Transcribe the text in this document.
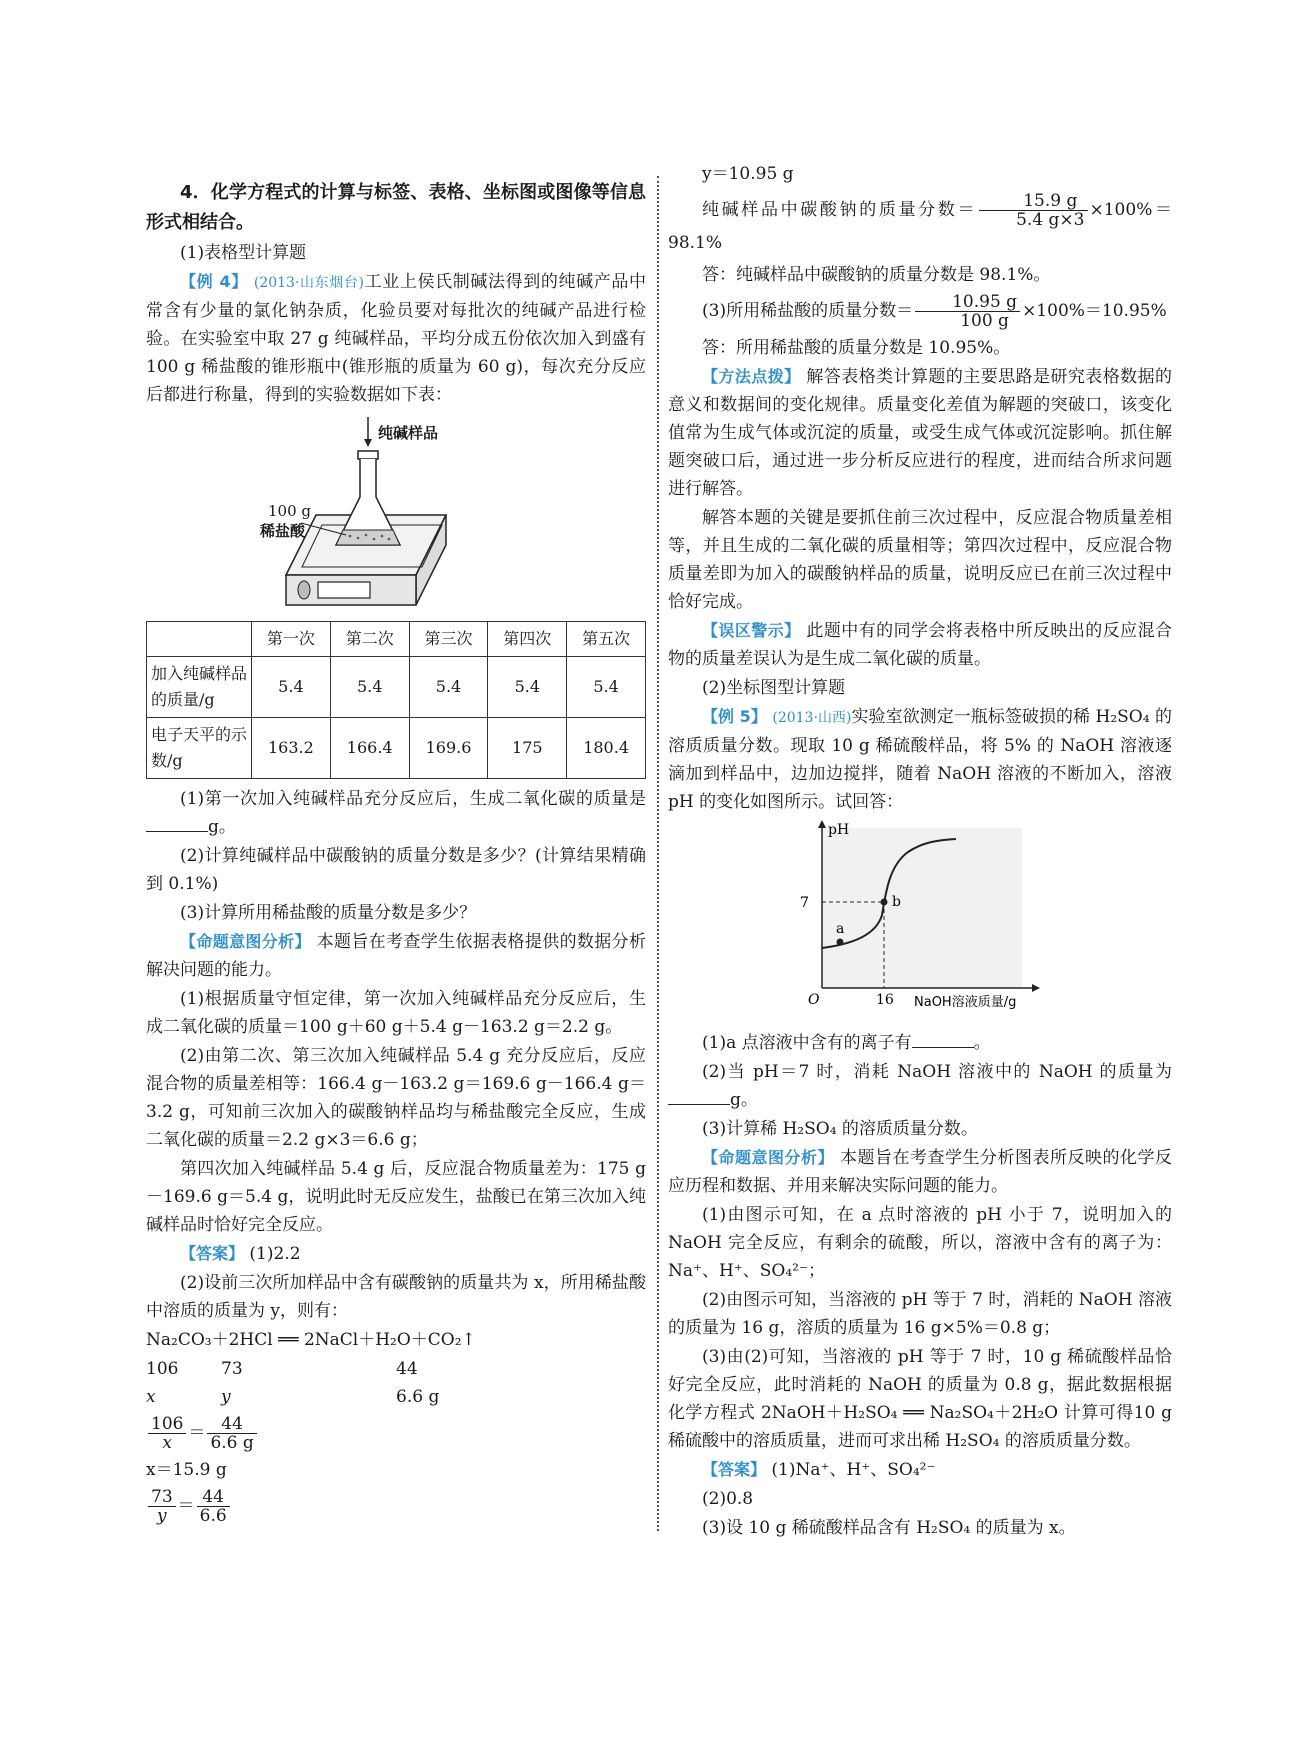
4．化学方程式的计算与标签、表格、坐标图或图像等信息形式相结合。

(1)表格型计算题

【例 4】 (2013·山东烟台)工业上侯氏制碱法得到的纯碱产品中常含有少量的氯化钠杂质，化验员要对每批次的纯碱产品进行检验。在实验室中取 27 g 纯碱样品，平均分成五份依次加入到盛有 100 g 稀盐酸的锥形瓶中(锥形瓶的质量为 60 g)，每次充分反应后都进行称量，得到的实验数据如下表：

纯碱样品
100 g
稀盐酸
	第一次	第二次	第三次	第四次	第五次
加入纯碱样品的质量/g	5.4	5.4	5.4	5.4	5.4
电子天平的示数/g	163.2	166.4	169.6	175	180.4

(1)第一次加入纯碱样品充分反应后，生成二氧化碳的质量是g。

(2)计算纯碱样品中碳酸钠的质量分数是多少？(计算结果精确到 0.1%)

(3)计算所用稀盐酸的质量分数是多少？

【命题意图分析】 本题旨在考查学生依据表格提供的数据分析解决问题的能力。

(1)根据质量守恒定律，第一次加入纯碱样品充分反应后，生成二氧化碳的质量＝100 g＋60 g＋5.4 g－163.2 g＝2.2 g。

(2)由第二次、第三次加入纯碱样品 5.4 g 充分反应后，反应混合物的质量差相等：166.4 g－163.2 g＝169.6 g－166.4 g＝3.2 g，可知前三次加入的碳酸钠样品均与稀盐酸完全反应，生成二氧化碳的质量＝2.2 g×3＝6.6 g；

第四次加入纯碱样品 5.4 g 后，反应混合物质量差为：175 g－169.6 g＝5.4 g，说明此时无反应发生，盐酸已在第三次加入纯碱样品时恰好完全反应。

【答案】 (1)2.2

(2)设前三次所加样品中含有碳酸钠的质量共为 x，所用稀盐酸中溶质的质量为 y，则有：

Na₂CO₃＋2HCl ══ 2NaCl＋H₂O＋CO₂↑

106	73	44
x	y	6.6 g
$\frac{106}{x} = \frac{44}{6.6 g}$

x＝15.9 g

$\frac{73}{y} = \frac{44}{6.6}$

y＝10.95 g

纯碱样品中碳酸钠的质量分数＝ $\frac{15.9 g}{5.4 g\times 3} \times 100\%=98.1\%$

答：纯碱样品中碳酸钠的质量分数是 98.1%。

(3)所用稀盐酸的质量分数＝ $\frac{10.95 g}{100 g} \times 100\%=10.95\%$

答：所用稀盐酸的质量分数是 10.95%。

【方法点拨】 解答表格类计算题的主要思路是研究表格数据的意义和数据间的变化规律。质量变化差值为解题的突破口，该变化值常为生成气体或沉淀的质量，或受生成气体或沉淀影响。抓住解题突破口后，通过进一步分析反应进行的程度，进而结合所求问题进行解答。

解答本题的关键是要抓住前三次过程中，反应混合物质量差相等，并且生成的二氧化碳的质量相等；第四次过程中，反应混合物质量差即为加入的碳酸钠样品的质量，说明反应已在前三次过程中恰好完成。

【误区警示】 此题中有的同学会将表格中所反映出的反应混合物的质量差误认为是生成二氧化碳的质量。

(2)坐标图型计算题

【例 5】 (2013·山西)实验室欲测定一瓶标签破损的稀 H₂SO₄ 的溶质质量分数。现取 10 g 稀硫酸样品，将 5% 的 NaOH 溶液逐滴加到样品中，边加边搅拌，随着 NaOH 溶液的不断加入，溶液 pH 的变化如图所示。试回答：

pH
7
a
b
O	16 NaOH溶液质量/g

(1)a 点溶液中含有的离子有	。

(2)当 pH＝7 时，消耗 NaOH 溶液中的 NaOH 的质量为g。

(3)计算稀 H₂SO₄ 的溶质质量分数。

【命题意图分析】 本题旨在考查学生分析图表所反映的化学反应历程和数据、并用来解决实际问题的能力。

(1)由图示可知，在 a 点时溶液的 pH 小于 7，说明加入的 NaOH 完全反应，有剩余的硫酸，所以，溶液中含有的离子为：Na⁺、H⁺、SO₄²⁻；

(2)由图示可知，当溶液的 pH 等于 7 时，消耗的 NaOH 溶液的质量为 16 g，溶质的质量为 16 g×5%＝0.8 g；

(3)由(2)可知，当溶液的 pH 等于 7 时，10 g 稀硫酸样品恰好完全反应，此时消耗的 NaOH 的质量为 0.8 g，据此数据根据化学方程式 2NaOH＋H₂SO₄ ══ Na₂SO₄＋2H₂O 计算可得10 g 稀硫酸中的溶质质量，进而可求出稀 H₂SO₄ 的溶质质量分数。

【答案】 (1)Na⁺、H⁺、SO₄²⁻

(2)0.8

(3)设 10 g 稀硫酸样品含有 H₂SO₄ 的质量为 x。
